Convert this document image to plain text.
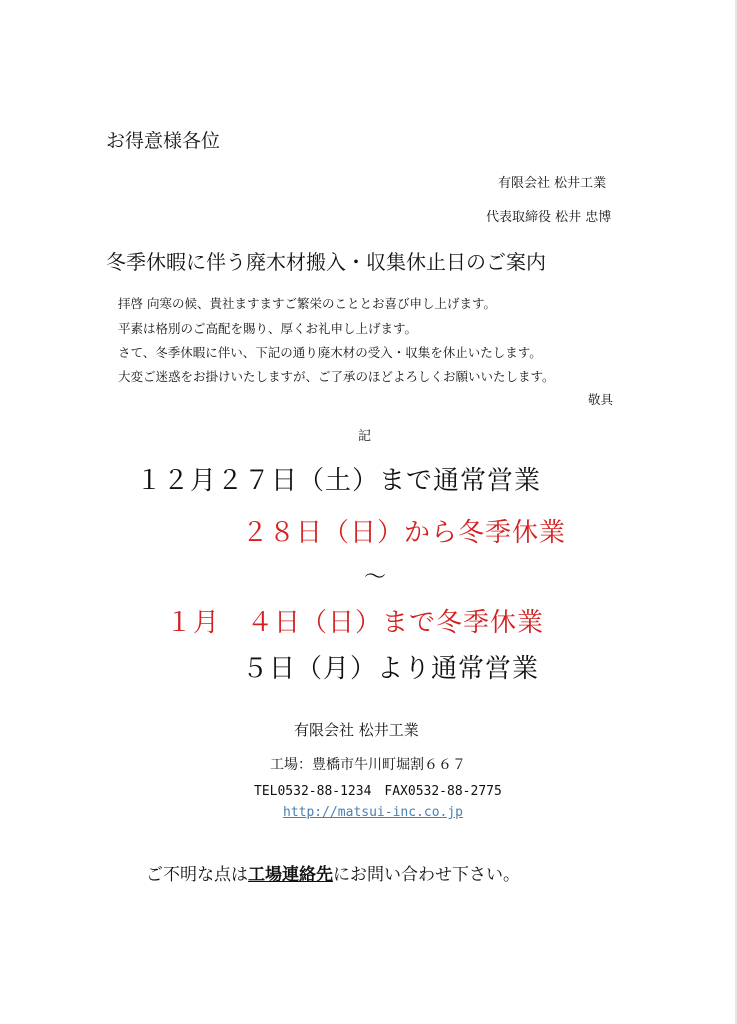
お得意様各位
有限会社 松井工業
代表取締役 松井 忠博
冬季休暇に伴う廃木材搬入・収集休止日のご案内
拝啓 向寒の候、貴社ますますご繁栄のこととお喜び申し上げます。
平素は格別のご高配を賜り、厚くお礼申し上げます。
さて、冬季休暇に伴い、下記の通り廃木材の受入・収集を休止いたします。
大変ご迷惑をお掛けいたしますが、ご了承のほどよろしくお願いいたします。
敬具
記
１２月２７日（土）まで通常営業
２８日（日）から冬季休業
～
１月　４日（日）まで冬季休業
５日（月）より通常営業
有限会社 松井工業
工場：豊橋市牛川町堀割６６７
TEL0532-88-1234　FAX0532-88-2775
http://matsui-inc.co.jp
ご不明な点は工場連絡先にお問い合わせ下さい。
